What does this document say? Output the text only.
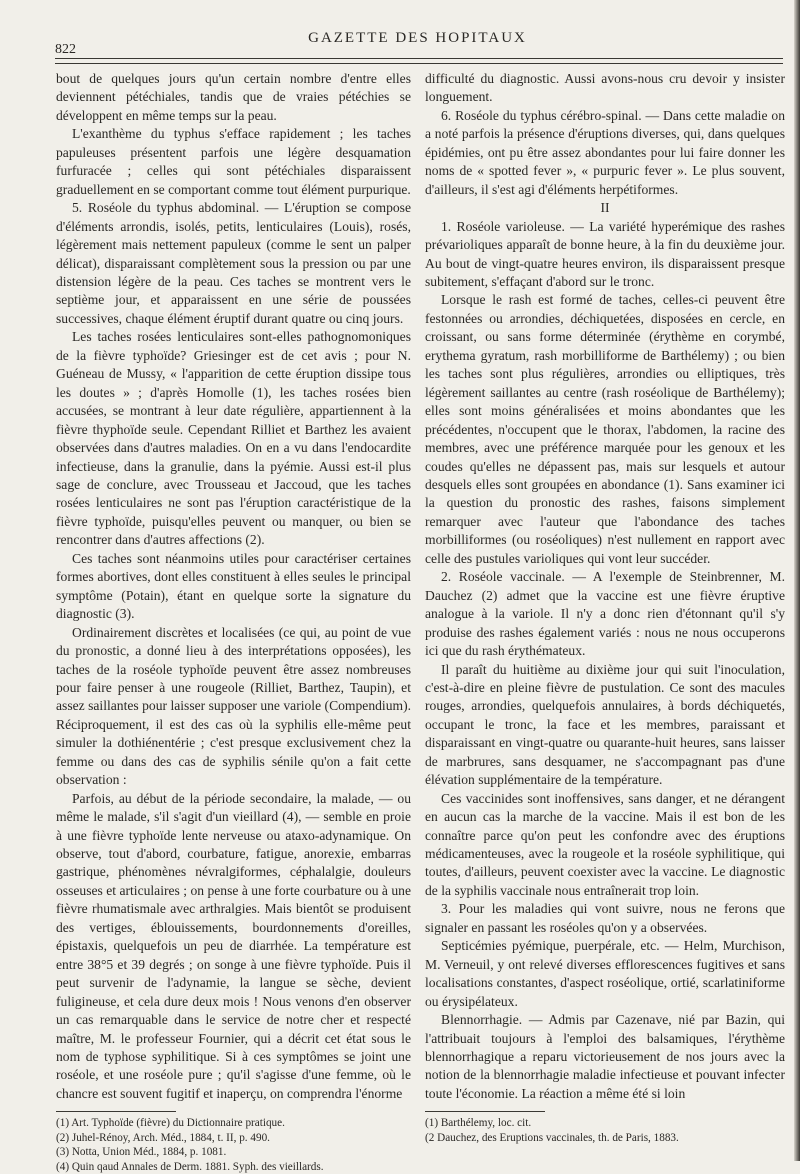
822
GAZETTE DES HOPITAUX

bout de quelques jours qu'un certain nombre d'entre elles deviennent pétéchiales, tandis que de vraies pétéchies se développent en même temps sur la peau.

L'exanthème du typhus s'efface rapidement ; les taches papuleuses présentent parfois une légère desquamation furfuracée ; celles qui sont pétéchiales disparaissent graduellement en se comportant comme tout élément purpurique.

5. Roséole du typhus abdominal. — L'éruption se compose d'éléments arrondis, isolés, petits, lenticulaires (Louis), rosés, légèrement mais nettement papuleux (comme le sent un palper délicat), disparaissant complètement sous la pression ou par une distension légère de la peau. Ces taches se montrent vers le septième jour, et apparaissent en une série de poussées successives, chaque élément éruptif durant quatre ou cinq jours.

Les taches rosées lenticulaires sont-elles pathognomoniques de la fièvre typhoïde? Griesinger est de cet avis ; pour N. Guéneau de Mussy, « l'apparition de cette éruption dissipe tous les doutes » ; d'après Homolle (1), les taches rosées bien accusées, se montrant à leur date régulière, appartiennent à la fièvre thyphoïde seule. Cependant Rilliet et Barthez les avaient observées dans d'autres maladies. On en a vu dans l'endocardite infectieuse, dans la granulie, dans la pyémie. Aussi est-il plus sage de conclure, avec Trousseau et Jaccoud, que les taches rosées lenticulaires ne sont pas l'éruption caractéristique de la fièvre typhoïde, puisqu'elles peuvent ou manquer, ou bien se rencontrer dans d'autres affections (2).

Ces taches sont néanmoins utiles pour caractériser certaines formes abortives, dont elles constituent à elles seules le principal symptôme (Potain), étant en quelque sorte la signature du diagnostic (3).

Ordinairement discrètes et localisées (ce qui, au point de vue du pronostic, a donné lieu à des interprétations opposées), les taches de la roséole typhoïde peuvent être assez nombreuses pour faire penser à une rougeole (Rilliet, Barthez, Taupin), et assez saillantes pour laisser supposer une variole (Compendium). Réciproquement, il est des cas où la syphilis elle-même peut simuler la dothiénentérie ; c'est presque exclusivement chez la femme ou dans des cas de syphilis sénile qu'on a fait cette observation :

Parfois, au début de la période secondaire, la malade, — ou même le malade, s'il s'agit d'un vieillard (4), — semble en proie à une fièvre typhoïde lente nerveuse ou ataxo-adynamique. On observe, tout d'abord, courbature, fatigue, anorexie, embarras gastrique, phénomènes névralgiformes, céphalalgie, douleurs osseuses et articulaires ; on pense à une forte courbature ou à une fièvre rhumatismale avec arthralgies. Mais bientôt se produisent des vertiges, éblouissements, bourdonnements d'oreilles, épistaxis, quelquefois un peu de diarrhée. La température est entre 38°5 et 39 degrés ; on songe à une fièvre typhoïde. Puis il peut survenir de l'adynamie, la langue se sèche, devient fuligineuse, et cela dure deux mois ! Nous venons d'en observer un cas remarquable dans le service de notre cher et respecté maître, M. le professeur Fournier, qui a décrit cet état sous le nom de typhose syphilitique. Si à ces symptômes se joint une roséole, et une roséole pure ; qu'il s'agisse d'une femme, où le chancre est souvent fugitif et inaperçu, on comprendra l'énorme

(1) Art. Typhoïde (fièvre) du Dictionnaire pratique.
(2) Juhel-Rénoy, Arch. Méd., 1884, t. II, p. 490.
(3) Notta, Union Méd., 1884, p. 1081.
(4) Quin qaud Annales de Derm. 1881. Syph. des vieillards.

difficulté du diagnostic. Aussi avons-nous cru devoir y insister longuement.

6. Roséole du typhus cérébro-spinal. — Dans cette maladie on a noté parfois la présence d'éruptions diverses, qui, dans quelques épidémies, ont pu être assez abondantes pour lui faire donner les noms de « spotted fever », « purpuric fever ». Le plus souvent, d'ailleurs, il s'est agi d'éléments herpétiformes.

II

1. Roséole varioleuse. — La variété hyperémique des rashes prévarioliques apparaît de bonne heure, à la fin du deuxième jour. Au bout de vingt-quatre heures environ, ils disparaissent presque subitement, s'effaçant d'abord sur le tronc.

Lorsque le rash est formé de taches, celles-ci peuvent être festonnées ou arrondies, déchiquetées, disposées en cercle, en croissant, ou sans forme déterminée (érythème en corymbé, erythema gyratum, rash morbilliforme de Barthélemy) ; ou bien les taches sont plus régulières, arrondies ou elliptiques, très légèrement saillantes au centre (rash roséolique de Barthélemy); elles sont moins généralisées et moins abondantes que les précédentes, n'occupent que le thorax, l'abdomen, la racine des membres, avec une préférence marquée pour les genoux et les coudes qu'elles ne dépassent pas, mais sur lesquels et autour desquels elles sont groupées en abondance (1). Sans examiner ici la question du pronostic des rashes, faisons simplement remarquer avec l'auteur que l'abondance des taches morbilliformes (ou roséoliques) n'est nullement en rapport avec celle des pustules varioliques qui vont leur succéder.

2. Roséole vaccinale. — A l'exemple de Steinbrenner, M. Dauchez (2) admet que la vaccine est une fièvre éruptive analogue à la variole. Il n'y a donc rien d'étonnant qu'il s'y produise des rashes également variés : nous ne nous occuperons ici que du rash érythémateux.

Il paraît du huitième au dixième jour qui suit l'inoculation, c'est-à-dire en pleine fièvre de pustulation. Ce sont des macules rouges, arrondies, quelquefois annulaires, à bords déchiquetés, occupant le tronc, la face et les membres, paraissant et disparaissant en vingt-quatre ou quarante-huit heures, sans laisser de marbrures, sans desquamer, ne s'accompagnant pas d'une élévation supplémentaire de la température.

Ces vaccinides sont inoffensives, sans danger, et ne dérangent en aucun cas la marche de la vaccine. Mais il est bon de les connaître parce qu'on peut les confondre avec des éruptions médicamenteuses, avec la rougeole et la roséole syphilitique, qui toutes, d'ailleurs, peuvent coexister avec la vaccine. Le diagnostic de la syphilis vaccinale nous entraînerait trop loin.

3. Pour les maladies qui vont suivre, nous ne ferons que signaler en passant les roséoles qu'on y a observées.

Septicémies pyémique, puerpérale, etc. — Helm, Murchison, M. Verneuil, y ont relevé diverses efflorescences fugitives et sans localisations constantes, d'aspect roséolique, ortié, scarlatiniforme ou érysipélateux.

Blennorrhagie. — Admis par Cazenave, nié par Bazin, qui l'attribuait toujours à l'emploi des balsamiques, l'érythème blennorrhagique a reparu victorieusement de nos jours avec la notion de la blennorrhagie maladie infectieuse et pouvant infecter toute l'économie. La réaction a même été si loin

(1) Barthélemy, loc. cit.
(2 Dauchez, des Eruptions vaccinales, th. de Paris, 1883.
